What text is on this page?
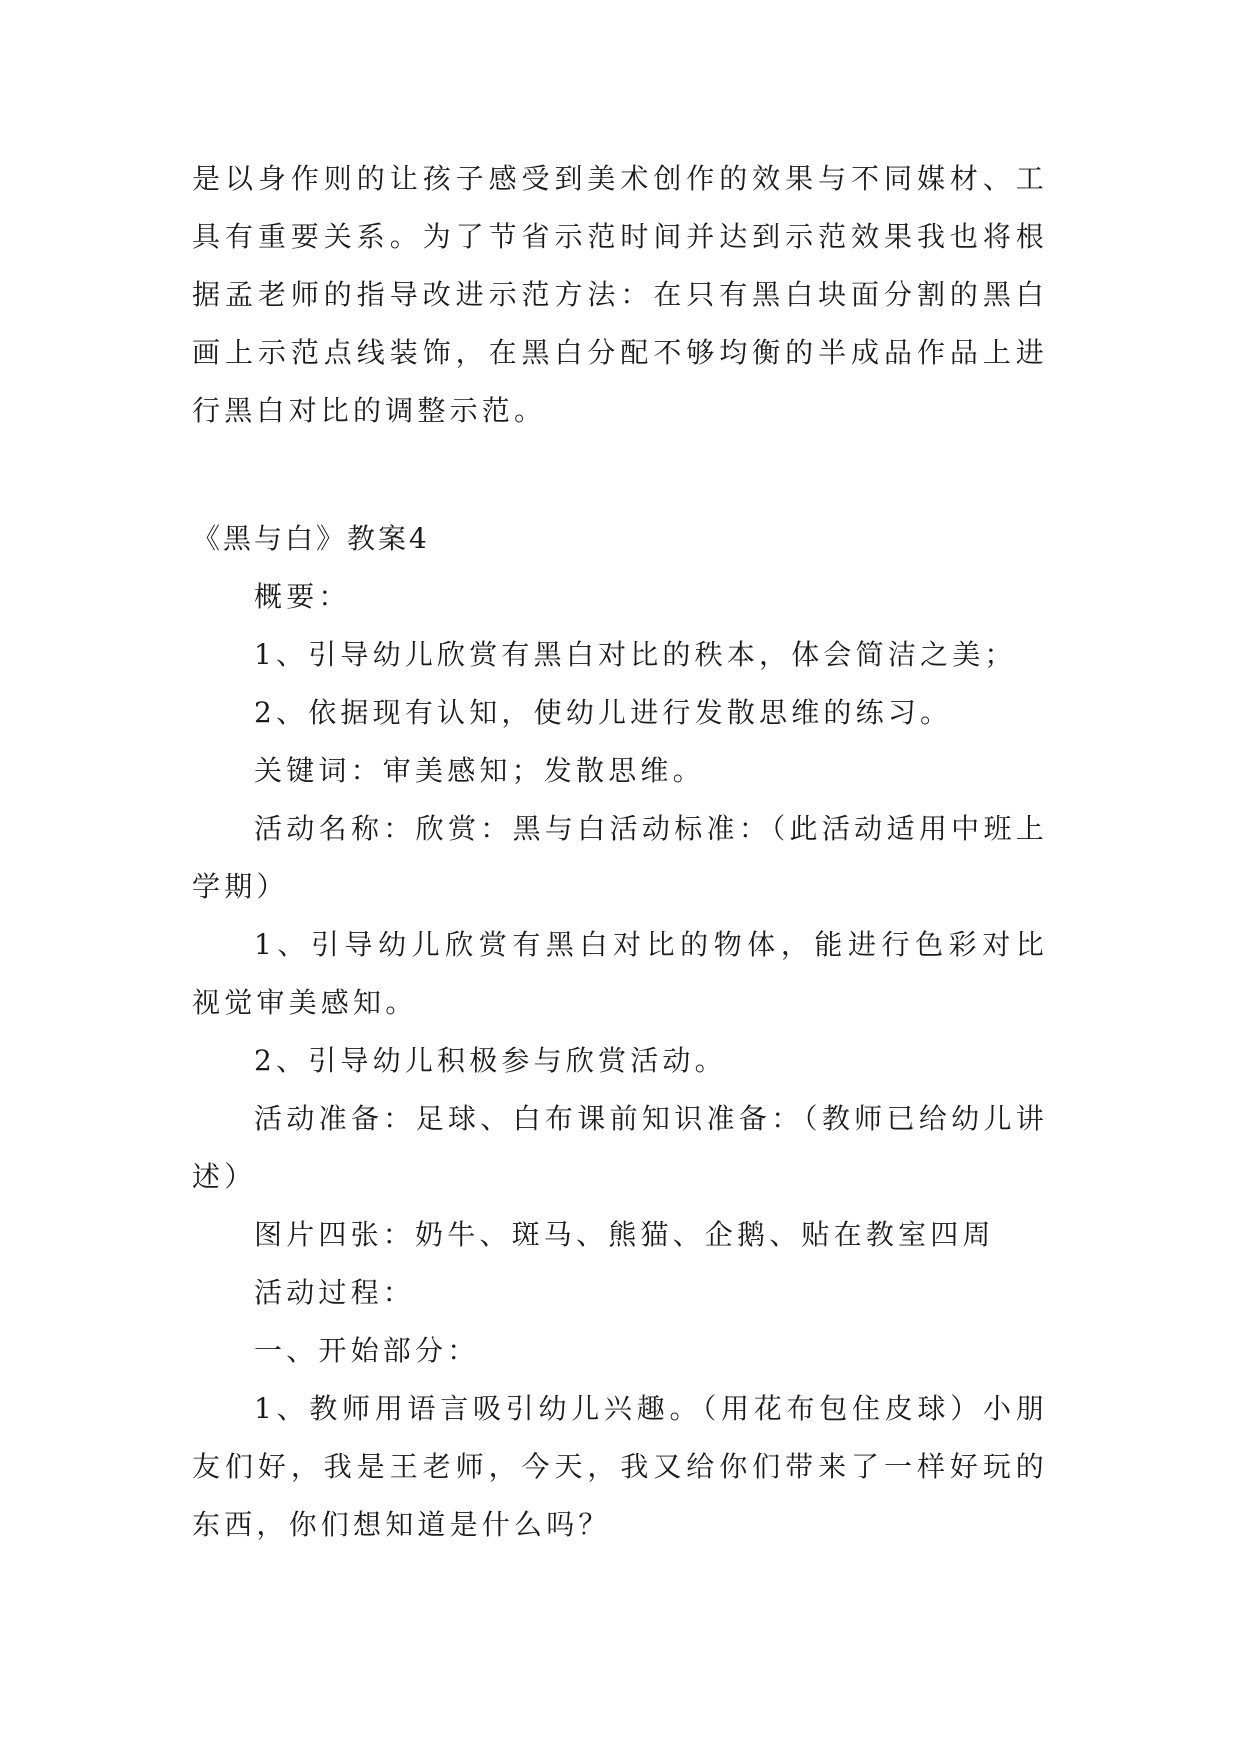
是以身作则的让孩子感受到美术创作的效果与不同媒材、工具有重要关系。为了节省示范时间并达到示范效果我也将根据孟老师的指导改进示范方法：在只有黑白块面分割的黑白画上示范点线装饰，在黑白分配不够均衡的半成品作品上进行黑白对比的调整示范。

《黑与白》教案4

概要：

1、引导幼儿欣赏有黑白对比的秩本，体会简洁之美；

2、依据现有认知，使幼儿进行发散思维的练习。

关键词：审美感知；发散思维。

活动名称：欣赏：黑与白活动标准：（此活动适用中班上学期）

1、引导幼儿欣赏有黑白对比的物体，能进行色彩对比视觉审美感知。

2、引导幼儿积极参与欣赏活动。

活动准备：足球、白布课前知识准备：（教师已给幼儿讲述）

图片四张：奶牛、斑马、熊猫、企鹅、贴在教室四周

活动过程：

一、开始部分：

1、教师用语言吸引幼儿兴趣。（用花布包住皮球）小朋友们好，我是王老师，今天，我又给你们带来了一样好玩的东西，你们想知道是什么吗？
